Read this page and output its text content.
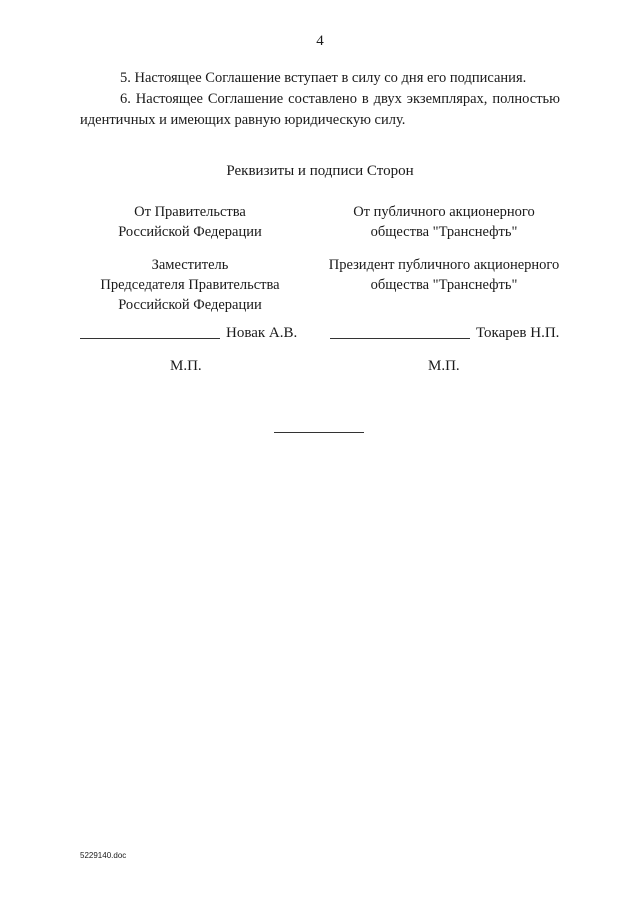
4
5. Настоящее Соглашение вступает в силу со дня его подписания.
6. Настоящее Соглашение составлено в двух экземплярах, полностью идентичных и имеющих равную юридическую силу.
Реквизиты и подписи Сторон
От Правительства
Российской Федерации
От публичного акционерного
общества "Транснефть"
Заместитель
Председателя Правительства
Российской Федерации
Президент публичного акционерного
общества "Транснефть"
Новак А.В.	Токарев Н.П.
М.П.	М.П.
5229140.doc
